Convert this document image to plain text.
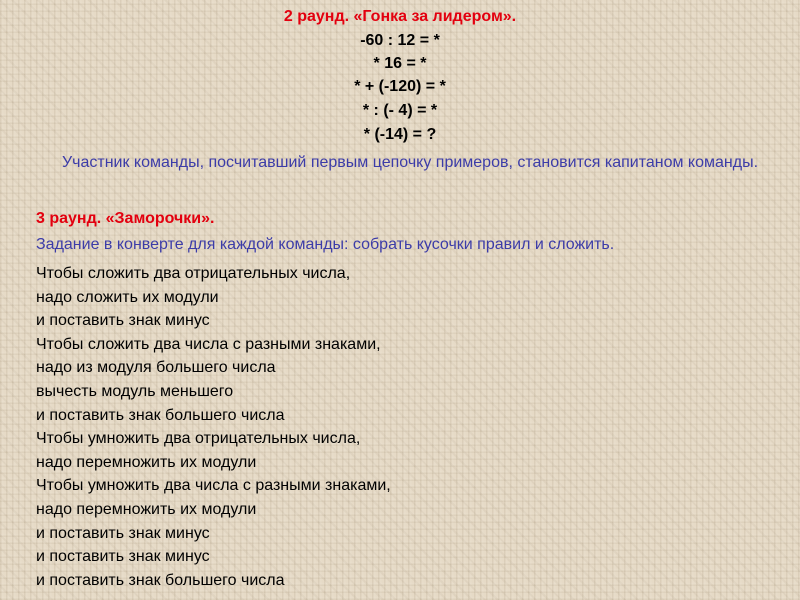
2 раунд. «Гонка за лидером».
-60 : 12 = *
* 16 = *
* + (-120) = *
* : (- 4) = *
* (-14) = ?
Участник команды, посчитавший первым цепочку примеров, становится капитаном команды.
3 раунд. «Заморочки».
Задание в конверте для каждой команды: собрать кусочки правил и сложить.
Чтобы сложить два отрицательных числа,
надо сложить их модули
и поставить знак минус
Чтобы сложить два числа с разными знаками,
надо из модуля большего числа
вычесть модуль меньшего
и поставить знак большего числа
Чтобы умножить два отрицательных числа,
надо перемножить их модули
Чтобы умножить два числа с разными знаками,
надо перемножить их модули
и поставить знак минус
и поставить знак минус
и поставить знак большего числа
